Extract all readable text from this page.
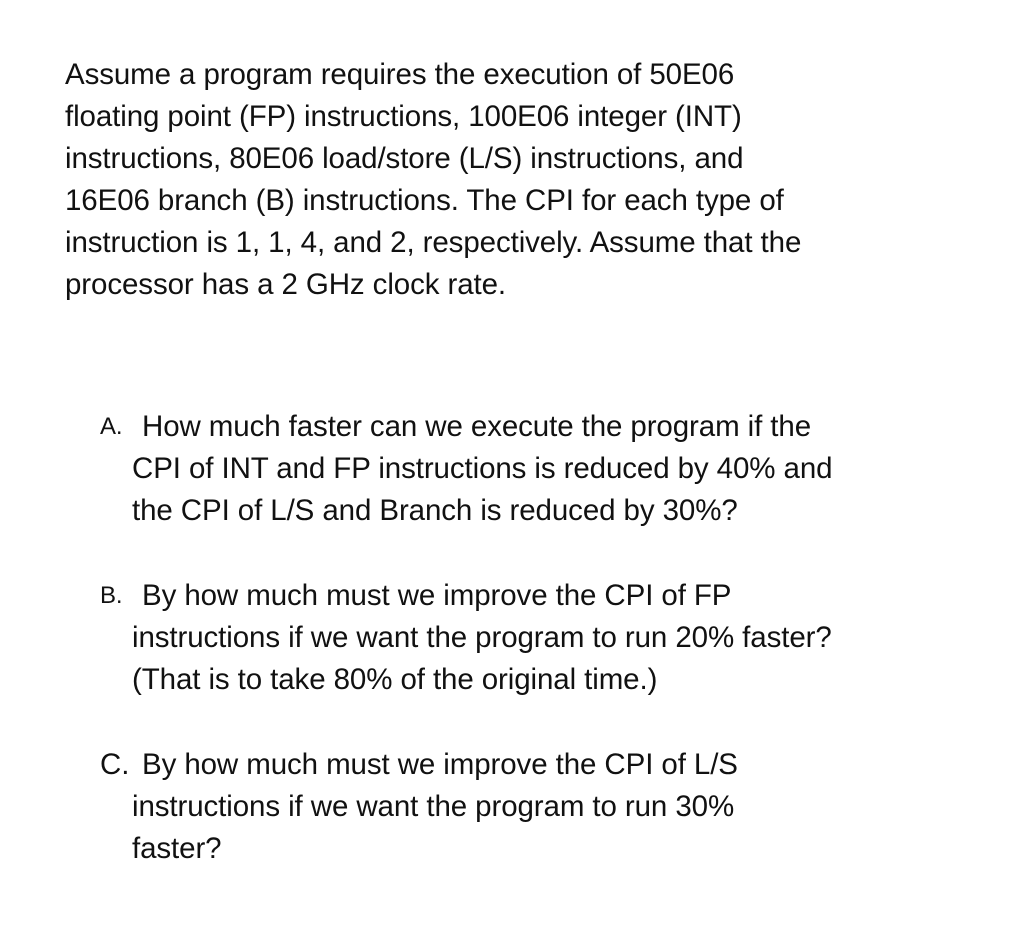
Assume a program requires the execution of 50E06
floating point (FP) instructions, 100E06 integer (INT)
instructions, 80E06 load/store (L/S) instructions, and
16E06 branch (B) instructions. The CPI for each type of
instruction is 1, 1, 4, and 2, respectively. Assume that the
processor has a 2 GHz clock rate.
A. How much faster can we execute the program if the
CPI of INT and FP instructions is reduced by 40% and
the CPI of L/S and Branch is reduced by 30%?
B. By how much must we improve the CPI of FP
instructions if we want the program to run 20% faster?
(That is to take 80% of the original time.)
C. By how much must we improve the CPI of L/S
instructions if we want the program to run 30%
faster?
